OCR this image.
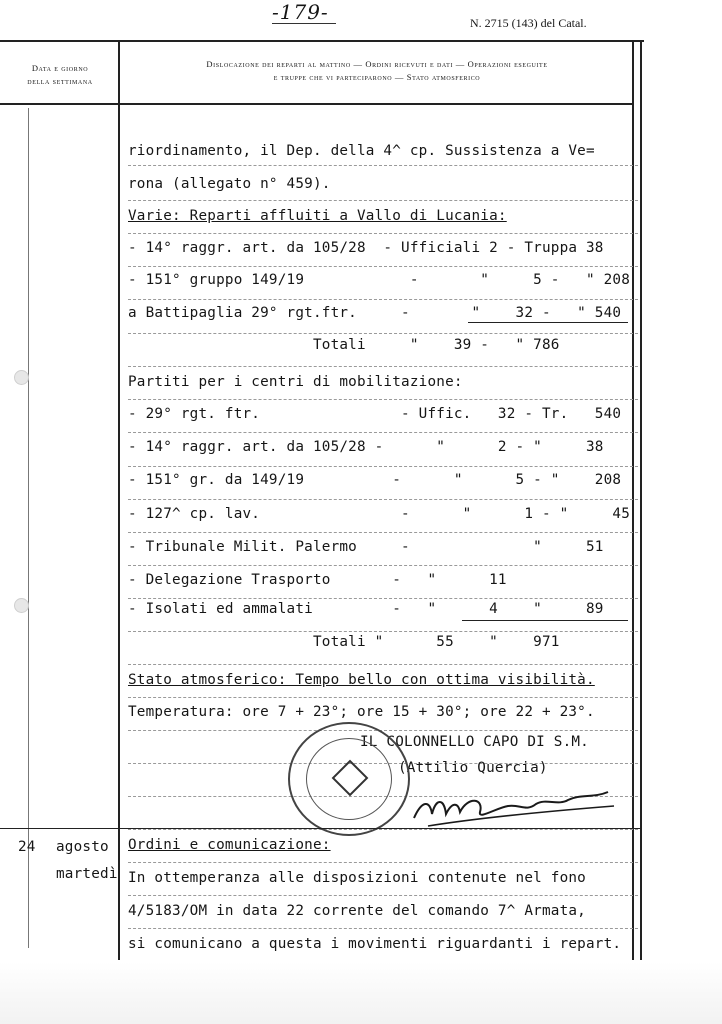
-179-	N. 2715 (143) del Catal.
Data e giorno
della settimana
Dislocazione dei reparti al mattino — Ordini ricevuti e dati — Operazioni eseguite
e truppe che vi parteciparono — Stato atmosferico
riordinamento, il Dep. della 4^ cp. Sussistenza a Ve=
rona (allegato n° 459).
Varie: Reparti affluiti a Vallo di Lucania:
- 14° raggr. art. da 105/28  - Ufficiali 2 - Truppa 38
- 151° gruppo 149/19            -       "     5 -   " 208
a Battipaglia 29° rgt.ftr.     -       "    32 -   " 540
Totali     "    39 -   " 786
Partiti per i centri di mobilitazione:
- 29° rgt. ftr.                - Uffic.   32 - Tr.   540
- 14° raggr. art. da 105/28 -      "      2 - "     38
- 151° gr. da 149/19          -      "      5 - "    208
- 127^ cp. lav.                -      "      1 - "     45
- Tribunale Milit. Palermo     -              "     51
- Delegazione Trasporto       -   "      11
- Isolati ed ammalati         -   "      4    "     89
Totali "      55    "    971
Stato atmosferico: Tempo bello con ottima visibilità.
Temperatura: ore 7 + 23°; ore 15 + 30°; ore 22 + 23°.
IL COLONNELLO CAPO DI S.M.
(Attilio Quercia)
24 agosto
martedì
Ordini e comunicazione:
In ottemperanza alle disposizioni contenute nel fono
4/5183/OM in data 22 corrente del comando 7^ Armata,
si comunicano a questa i movimenti riguardanti i repart.
